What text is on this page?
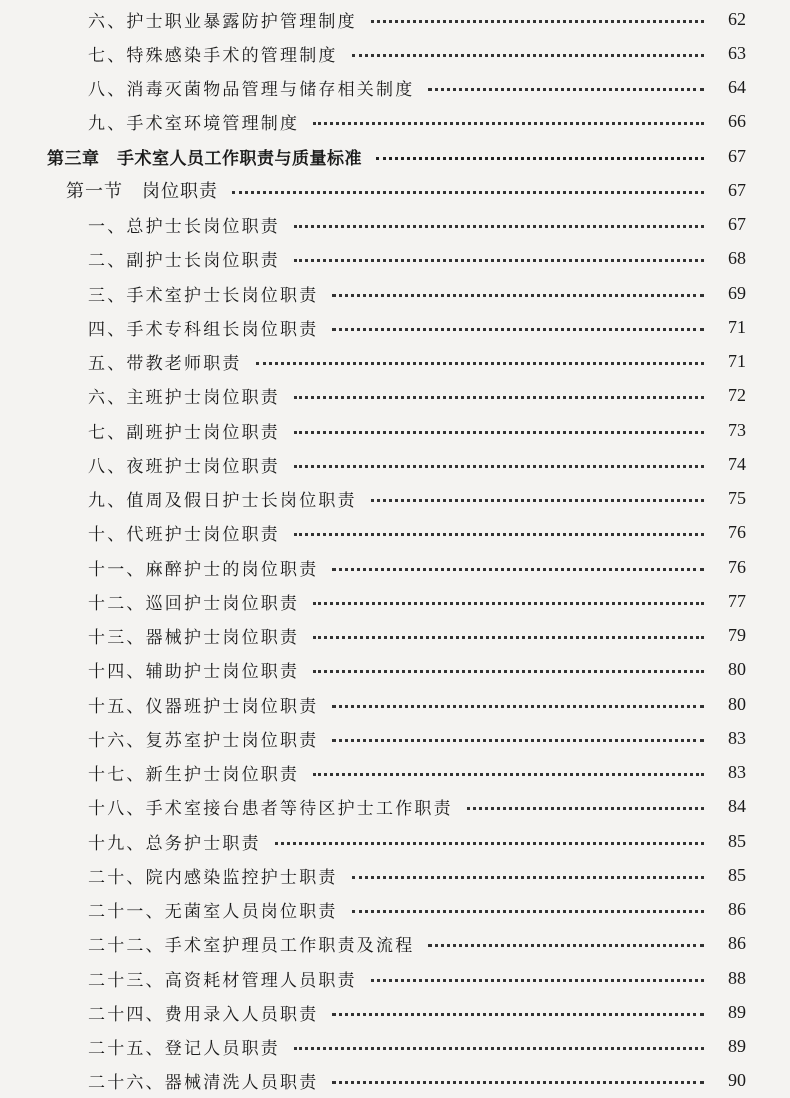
六、护士职业暴露防护管理制度	62
七、特殊感染手术的管理制度	63
八、消毒灭菌物品管理与储存相关制度	64
九、手术室环境管理制度	66
第三章　手术室人员工作职责与质量标准	67
第一节　岗位职责	67
一、总护士长岗位职责	67
二、副护士长岗位职责	68
三、手术室护士长岗位职责	69
四、手术专科组长岗位职责	71
五、带教老师职责	71
六、主班护士岗位职责	72
七、副班护士岗位职责	73
八、夜班护士岗位职责	74
九、值周及假日护士长岗位职责	75
十、代班护士岗位职责	76
十一、麻醉护士的岗位职责	76
十二、巡回护士岗位职责	77
十三、器械护士岗位职责	79
十四、辅助护士岗位职责	80
十五、仪器班护士岗位职责	80
十六、复苏室护士岗位职责	83
十七、新生护士岗位职责	83
十八、手术室接台患者等待区护士工作职责	84
十九、总务护士职责	85
二十、院内感染监控护士职责	85
二十一、无菌室人员岗位职责	86
二十二、手术室护理员工作职责及流程	86
二十三、高资耗材管理人员职责	88
二十四、费用录入人员职责	89
二十五、登记人员职责	89
二十六、器械清洗人员职责	90
